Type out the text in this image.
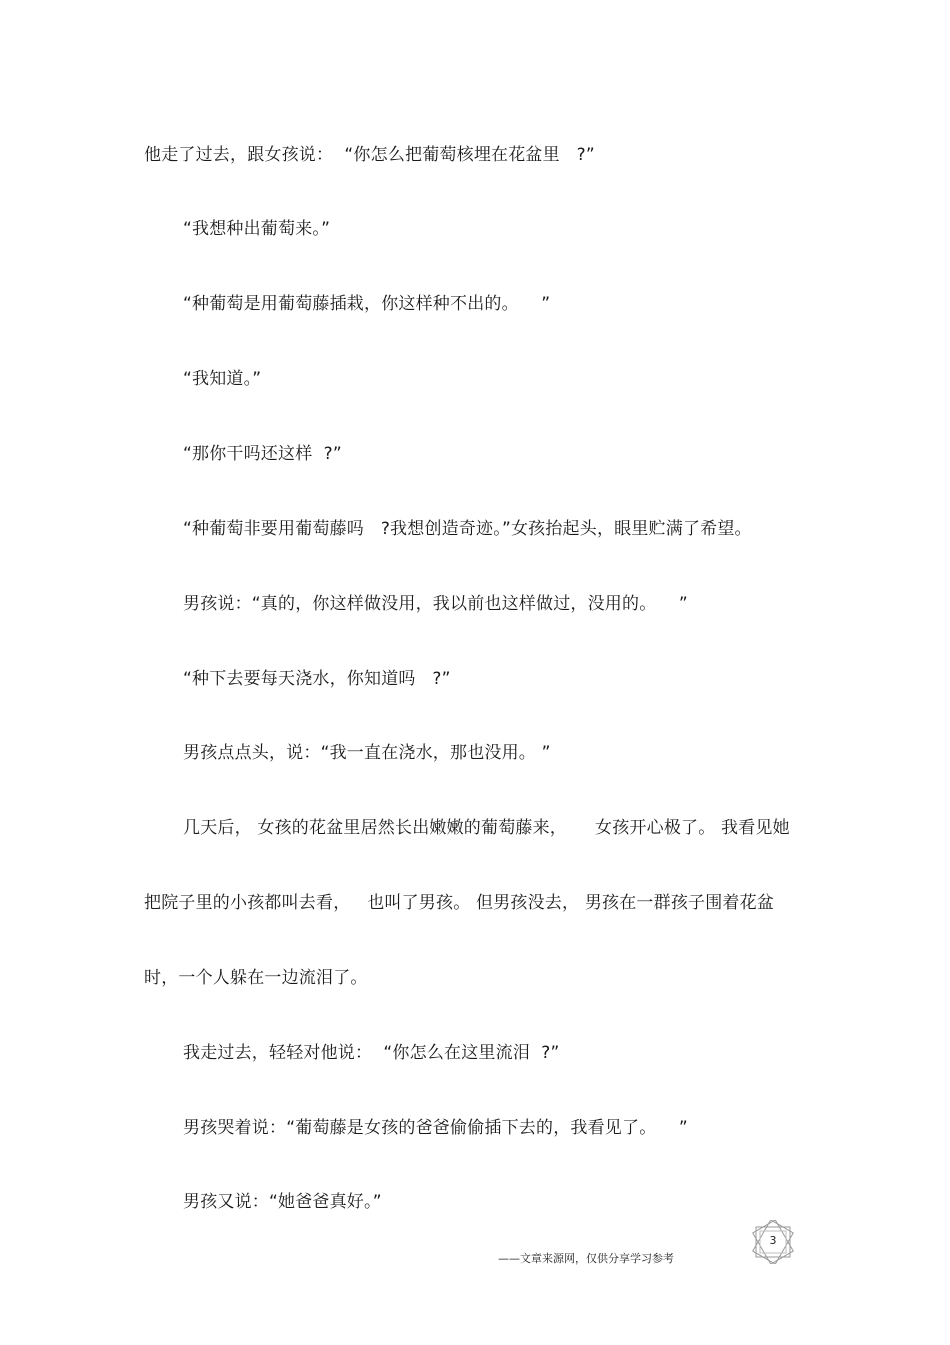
他走了过去，跟女孩说：  “你怎么把葡萄核埋在花盆里   ?”
“我想种出葡萄来。”
“种葡萄是用葡萄藤插栽，你这样种不出的。    ”
“我知道。”
“那你干吗还这样  ?”
“种葡萄非要用葡萄藤吗   ?我想创造奇迹。”女孩抬起头，眼里贮满了希望。
男孩说：“真的，你这样做没用，我以前也这样做过，没用的。    ”
“种下去要每天浇水，你知道吗   ?”
男孩点点头，说：“我一直在浇水，那也没用。 ”
几天后， 女孩的花盆里居然长出嫩嫩的葡萄藤来，     女孩开心极了。 我看见她
把院子里的小孩都叫去看，   也叫了男孩。 但男孩没去， 男孩在一群孩子围着花盆
时，一个人躲在一边流泪了。
我走过去，轻轻对他说：  “你怎么在这里流泪  ?”
男孩哭着说：“葡萄藤是女孩的爸爸偷偷插下去的，我看见了。    ”
男孩又说：“她爸爸真好。”
3
——文章来源网，仅供分享学习参考
